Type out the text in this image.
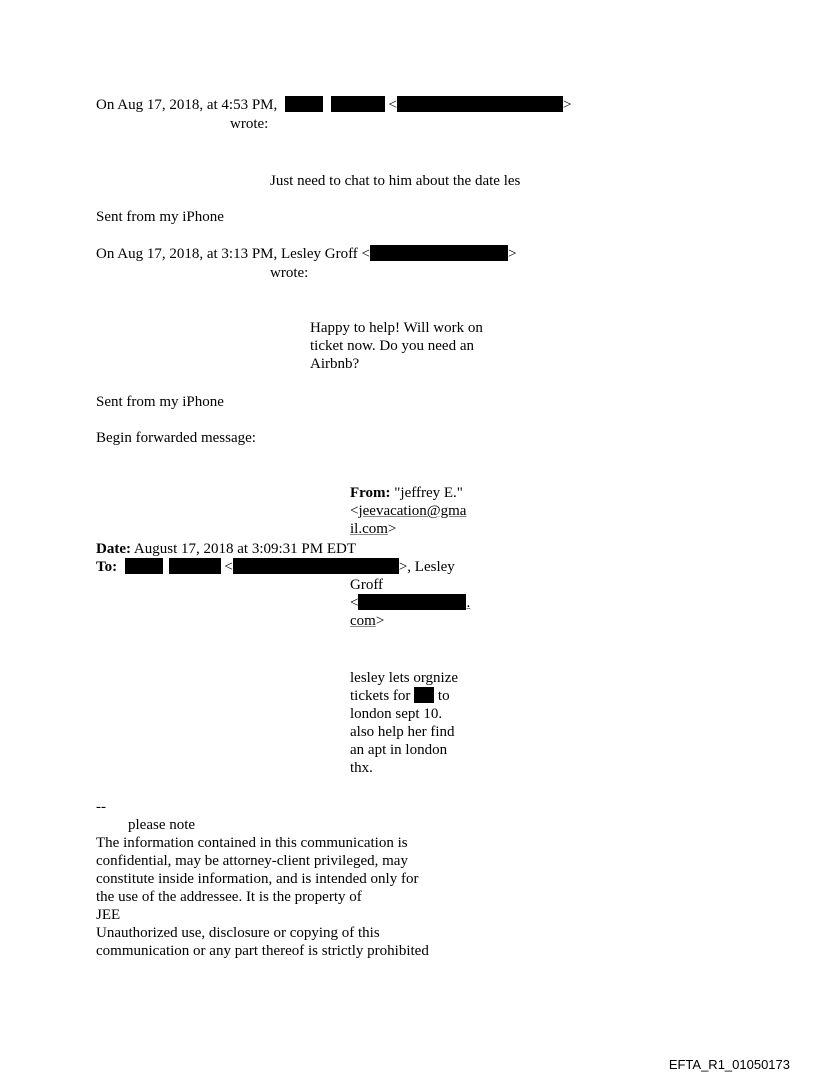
On Aug 17, 2018, at 4:53 PM,	<	>
wrote:
Just need to chat to him about the date les
Sent from my iPhone
On Aug 17, 2018, at 3:13 PM, Lesley Groff <	>
wrote:
Happy to help! Will work on
ticket now. Do you need an
Airbnb?
Sent from my iPhone
Begin forwarded message:
From: "jeffrey E."
<jeevacation@gma
il.com>
Date: August 17, 2018 at 3:09:31 PM EDT
To:	<	>, Lesley
Groff
<	.
com>
lesley lets orgnize
tickets for  to
london sept 10.
also help her find
an apt in london
thx.
--
please note
The information contained in this communication is
confidential, may be attorney-client privileged, may
constitute inside information, and is intended only for
the use of the addressee. It is the property of
JEE
Unauthorized use, disclosure or copying of this
communication or any part thereof is strictly prohibited
EFTA_R1_01050173
